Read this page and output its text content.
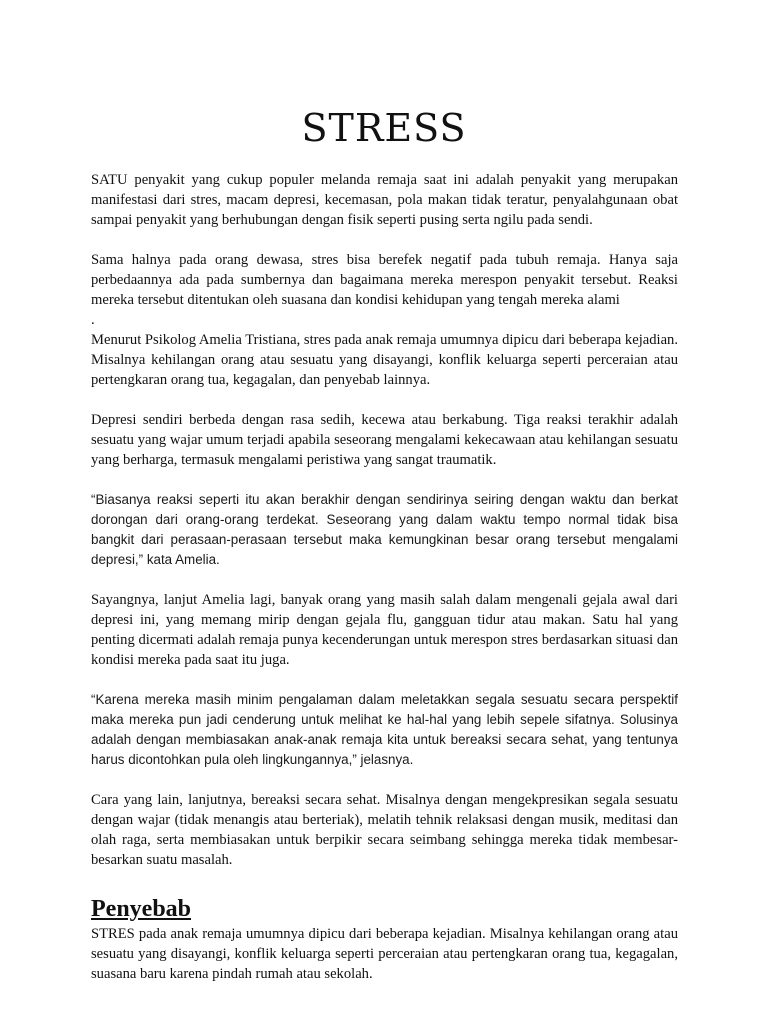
STRESS

SATU penyakit yang cukup populer melanda remaja saat ini adalah penyakit yang merupakan manifestasi dari stres, macam depresi, kecemasan, pola makan tidak teratur, penyalahgunaan obat sampai penyakit yang berhubungan dengan fisik seperti pusing serta ngilu pada sendi.

Sama halnya pada orang dewasa, stres bisa berefek negatif pada tubuh remaja. Hanya saja perbedaannya ada pada sumbernya dan bagaimana mereka merespon penyakit tersebut. Reaksi mereka tersebut ditentukan oleh suasana dan kondisi kehidupan yang tengah mereka alami

.

Menurut Psikolog Amelia Tristiana, stres pada anak remaja umumnya dipicu dari beberapa kejadian. Misalnya kehilangan orang atau sesuatu yang disayangi, konflik keluarga seperti perceraian atau pertengkaran orang tua, kegagalan, dan penyebab lainnya.

Depresi sendiri berbeda dengan rasa sedih, kecewa atau berkabung. Tiga reaksi terakhir adalah sesuatu yang wajar umum terjadi apabila seseorang mengalami kekecawaan atau kehilangan sesuatu yang berharga, termasuk mengalami peristiwa yang sangat traumatik.

“Biasanya reaksi seperti itu akan berakhir dengan sendirinya seiring dengan waktu dan berkat dorongan dari orang-orang terdekat. Seseorang yang dalam waktu tempo normal tidak bisa bangkit dari perasaan-perasaan tersebut maka kemungkinan besar orang tersebut mengalami depresi,” kata Amelia.

Sayangnya, lanjut Amelia lagi, banyak orang yang masih salah dalam mengenali gejala awal dari depresi ini, yang memang mirip dengan gejala flu, gangguan tidur atau makan. Satu hal yang penting dicermati adalah remaja punya kecenderungan untuk merespon stres berdasarkan situasi dan kondisi mereka pada saat itu juga.

“Karena mereka masih minim pengalaman dalam meletakkan segala sesuatu secara perspektif maka mereka pun jadi cenderung untuk melihat ke hal-hal yang lebih sepele sifatnya. Solusinya adalah dengan membiasakan anak-anak remaja kita untuk bereaksi secara sehat, yang tentunya harus dicontohkan pula oleh lingkungannya,” jelasnya.

Cara yang lain, lanjutnya, bereaksi secara sehat. Misalnya dengan mengekpresikan segala sesuatu dengan wajar (tidak menangis atau berteriak), melatih tehnik relaksasi dengan musik, meditasi dan olah raga, serta membiasakan untuk berpikir secara seimbang sehingga mereka tidak membesar-besarkan suatu masalah.

Penyebab

STRES pada anak remaja umumnya dipicu dari beberapa kejadian. Misalnya kehilangan orang atau sesuatu yang disayangi, konflik keluarga seperti perceraian atau pertengkaran orang tua, kegagalan, suasana baru karena pindah rumah atau sekolah.
